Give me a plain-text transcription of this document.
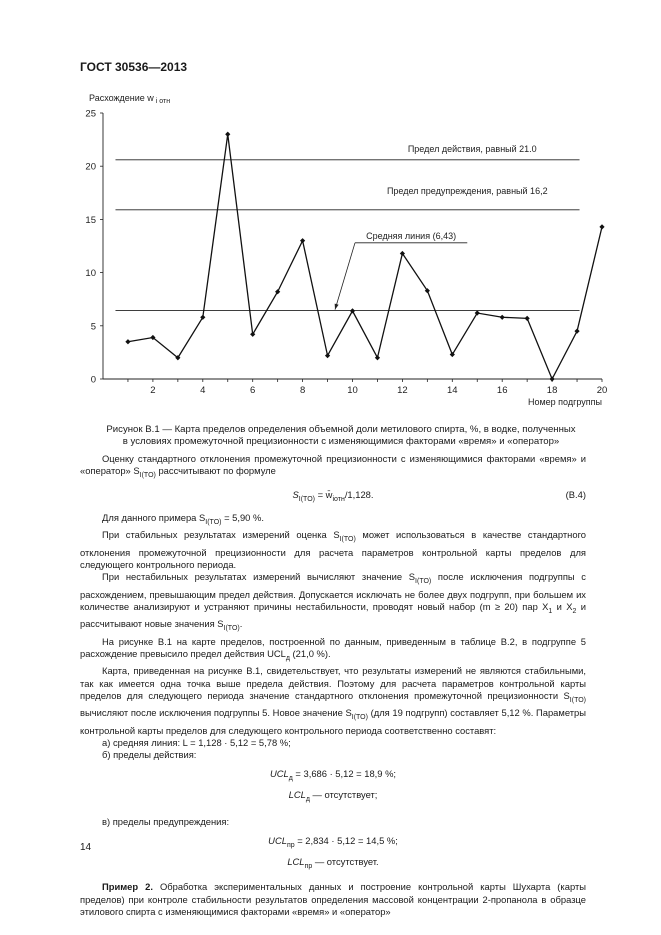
ГОСТ 30536—2013
0
5
10
15
20
25
2	4	6	8	10	12	14	16	18	20
Предел действия, равный 21.0
Предел предупреждения, равный 16,2
Средняя линия (6,43)
Расхождение w $_{i отн}$
Номер подгруппы
Рисунок В.1 — Карта пределов определения объемной доли метилового спирта, %, в водке, полученных
в условиях промежуточной прецизионности с изменяющимися факторами «время» и «оператор»

Оценку стандартного отклонения промежуточной прецизионности с изменяющимися факторами «время» и «оператор» $S_{I(TO)}$ рассчитывают по формуле

$S_{I(TO)}$ = $w̄_{iотн}/1,128$.	(В.4)

Для данного примера $S_{I(TO)} = 5,90$ %.

При стабильных результатах измерений оценка $S_{I(TO)}$ может использоваться в качестве стандартного отклонения промежуточной прецизионности для расчета параметров контрольной карты пределов для следующего контрольного периода.

При нестабильных результатах измерений вычисляют значение $S_{I(TO)}$ после исключения подгруппы с расхождением, превышающим предел действия. Допускается исключать не более двух подгрупп, при большем их количестве анализируют и устраняют причины нестабильности, проводят новый набор (m ≥ 20) пар $X_1$ и $X_2$ и рассчитывают новые значения $S_{I(TO)}$.

На рисунке В.1 на карте пределов, построенной по данным, приведенным в таблице В.2, в подгруппе 5 расхождение превысило предел действия $UCL_д$ (21,0 %).

Карта, приведенная на рисунке В.1, свидетельствует, что результаты измерений не являются стабильными, так как имеется одна точка выше предела действия. Поэтому для расчета параметров контрольной карты пределов для следующего периода значение стандартного отклонения промежуточной прецизионности $S_{I(TO)}$ вычисляют после исключения подгруппы 5. Новое значение $S_{I(TO)}$ (для 19 подгрупп) составляет 5,12 %. Параметры контрольной карты пределов для следующего контрольного периода соответственно составят:

а) средняя линия: L = 1,128 · 5,12 = 5,78 %;

б) пределы действия:

$UCL_д = 3,686 \cdot 5,12 = 18,9$ %;

$LCL_д$ — отсутствует;

в) пределы предупреждения:

$UCL_{пр} = 2,834 \cdot 5,12 = 14,5$ %;

$LCL_{пр}$ — отсутствует.

Пример 2. Обработка экспериментальных данных и построение контрольной карты Шухарта (карты пределов) при контроле стабильности результатов определения массовой концентрации 2-пропанола в образце этилового спирта с изменяющимися факторами «время» и «оператор»

14
